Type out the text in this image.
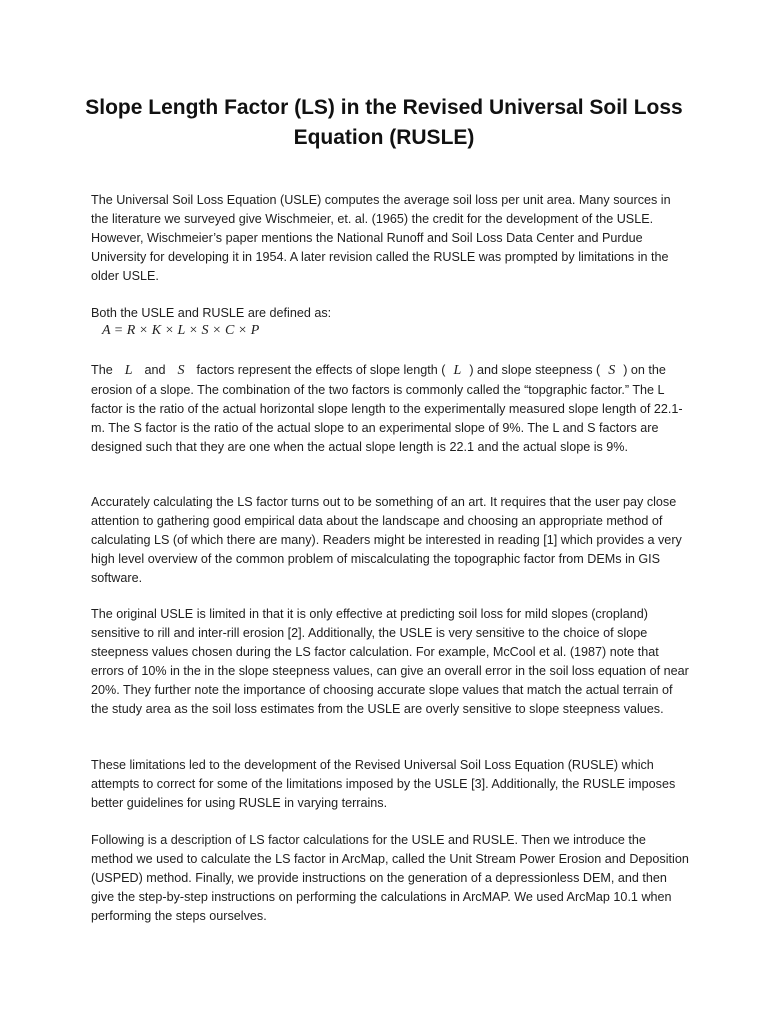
Slope Length Factor (LS) in the Revised Universal Soil Loss Equation (RUSLE)

The Universal Soil Loss Equation (USLE) computes the average soil loss per unit area. Many sources in the literature we surveyed give Wischmeier, et. al. (1965) the credit for the development of the USLE. However, Wischmeier’s paper mentions the National Runoff and Soil Loss Data Center and Purdue University for developing it in 1954. A later revision called the RUSLE was prompted by limitations in the older USLE.

Both the USLE and RUSLE are defined as:

A = R × K × L × S × C × P

The L and S factors represent the effects of slope length ( L ) and slope steepness ( S ) on the erosion of a slope. The combination of the two factors is commonly called the “topgraphic factor.” The L factor is the ratio of the actual horizontal slope length to the experimentally measured slope length of 22.1-m. The S factor is the ratio of the actual slope to an experimental slope of 9%. The L and S factors are designed such that they are one when the actual slope length is 22.1 and the actual slope is 9%.

Accurately calculating the LS factor turns out to be something of an art. It requires that the user pay close attention to gathering good empirical data about the landscape and choosing an appropriate method of calculating LS (of which there are many). Readers might be interested in reading [1] which provides a very high level overview of the common problem of miscalculating the topographic factor from DEMs in GIS software.

The original USLE is limited in that it is only effective at predicting soil loss for mild slopes (cropland) sensitive to rill and inter-rill erosion [2]. Additionally, the USLE is very sensitive to the choice of slope steepness values chosen during the LS factor calculation. For example, McCool et al. (1987) note that errors of 10% in the in the slope steepness values, can give an overall error in the soil loss equation of near 20%. They further note the importance of choosing accurate slope values that match the actual terrain of the study area as the soil loss estimates from the USLE are overly sensitive to slope steepness values.

These limitations led to the development of the Revised Universal Soil Loss Equation (RUSLE) which attempts to correct for some of the limitations imposed by the USLE [3]. Additionally, the RUSLE imposes better guidelines for using RUSLE in varying terrains.

Following is a description of LS factor calculations for the USLE and RUSLE. Then we introduce the method we used to calculate the LS factor in ArcMap, called the Unit Stream Power Erosion and Deposition (USPED) method. Finally, we provide instructions on the generation of a depressionless DEM, and then give the step-by-step instructions on performing the calculations in ArcMAP. We used ArcMap 10.1 when performing the steps ourselves.
